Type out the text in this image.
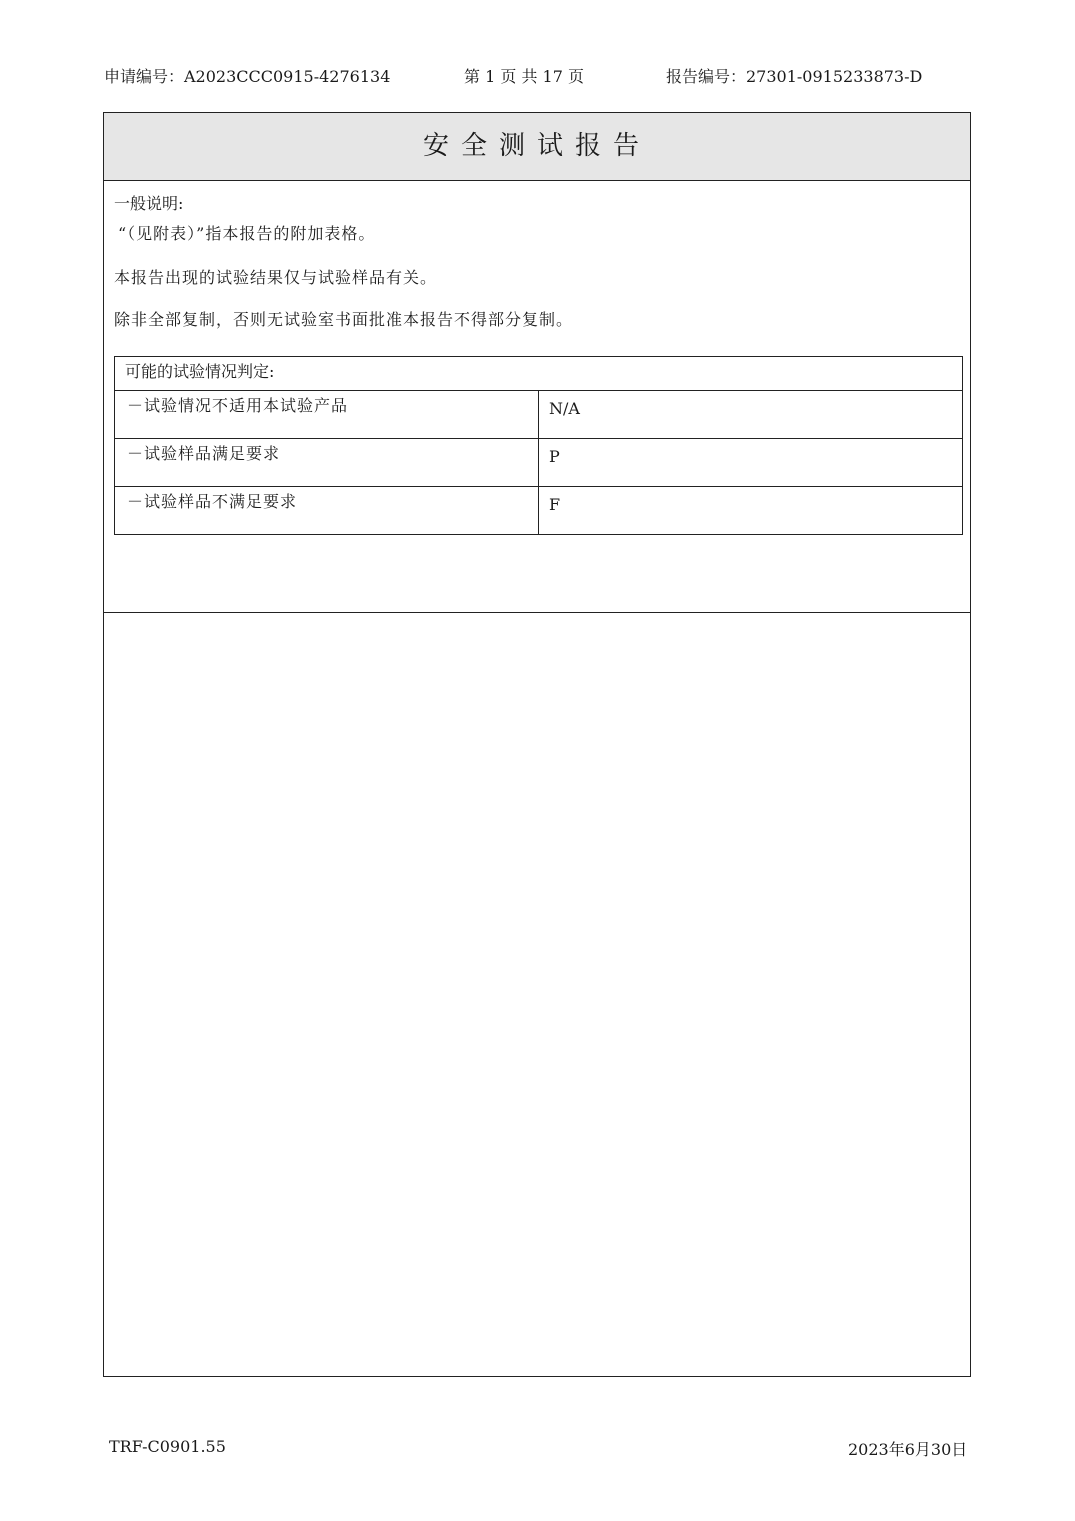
申请编号：A2023CCC0915-4276134	第 1 页 共 17 页	报告编号：27301-0915233873-D
安全测试报告

一般说明:

“（见附表）”指本报告的附加表格。

本报告出现的试验结果仅与试验样品有关。

除非全部复制，否则无试验室书面批准本报告不得部分复制。

可能的试验情况判定:	
－试验情况不适用本试验产品	N/A
－试验样品满足要求	P
－试验样品不满足要求	F
TRF-C0901.55	2023年6月30日
